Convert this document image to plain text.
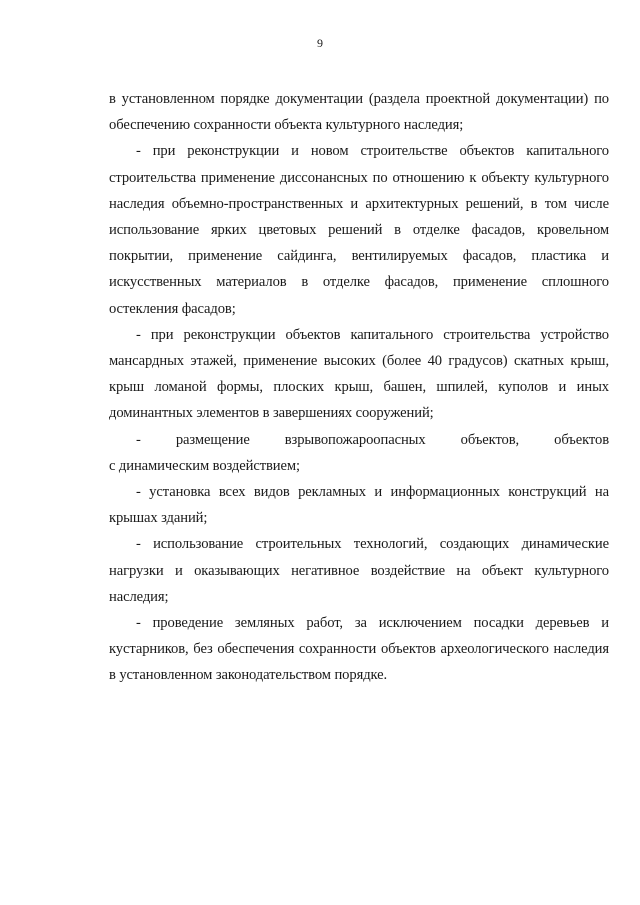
9

в установленном порядке документации (раздела проектной документации) по обеспечению сохранности объекта культурного наследия;

- при реконструкции и новом строительстве объектов капитального строительства применение диссонансных по отношению к объекту культурного наследия объемно-пространственных и архитектурных решений, в том числе использование ярких цветовых решений в отделке фасадов, кровельном покрытии, применение сайдинга, вентилируемых фасадов, пластика и искусственных материалов в отделке фасадов, применение сплошного остекления фасадов;

- при реконструкции объектов капитального строительства устройство мансардных этажей, применение высоких (более 40 градусов) скатных крыш, крыш ломаной формы, плоских крыш, башен, шпилей, куполов и иных доминантных элементов в завершениях сооружений;

- размещение взрывопожароопасных объектов, объектов
с динамическим воздействием;

- установка всех видов рекламных и информационных конструкций на крышах зданий;

- использование строительных технологий, создающих динамические нагрузки и оказывающих негативное воздействие на объект культурного наследия;

- проведение земляных работ, за исключением посадки деревьев и кустарников, без обеспечения сохранности объектов археологического наследия в установленном законодательством порядке.
